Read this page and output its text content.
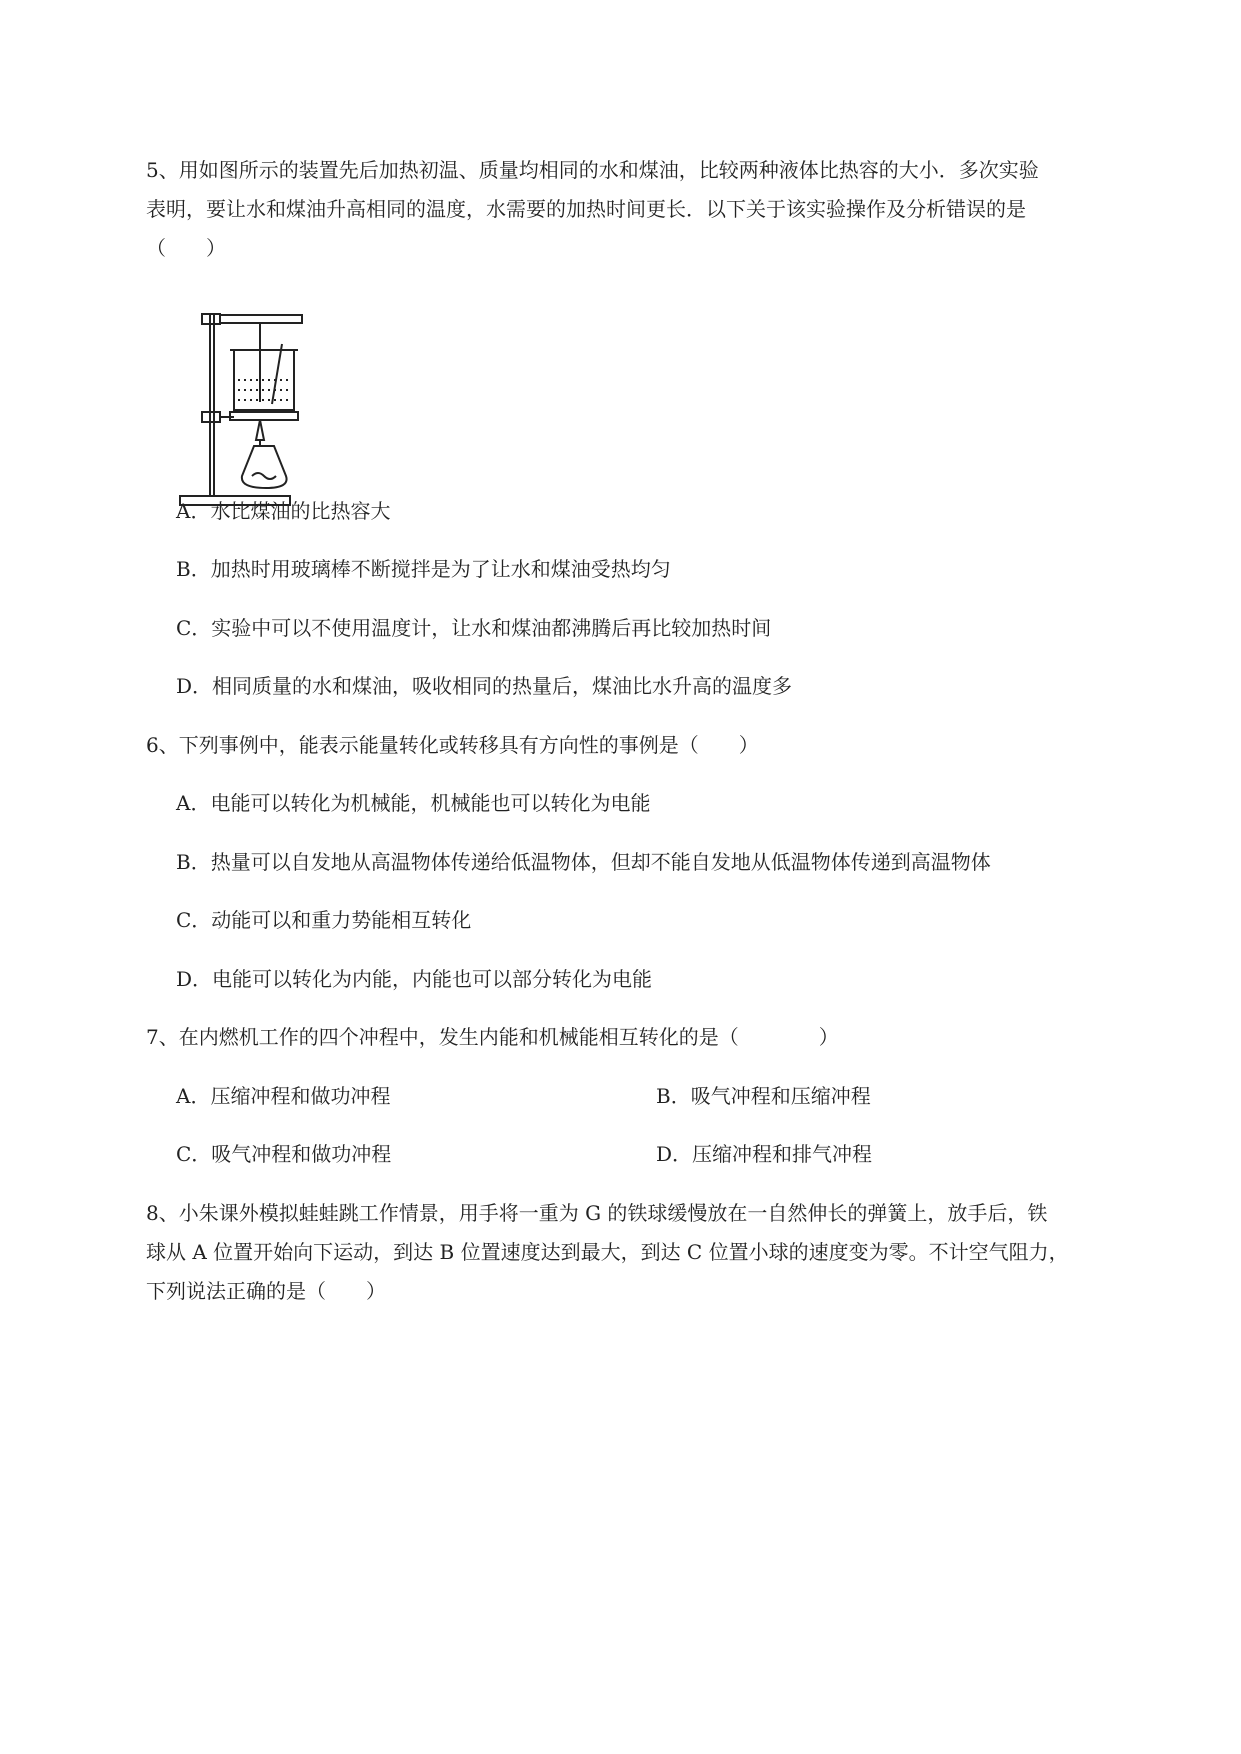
5、用如图所示的装置先后加热初温、质量均相同的水和煤油，比较两种液体比热容的大小．多次实验
表明，要让水和煤油升高相同的温度，水需要的加热时间更长．以下关于该实验操作及分析错误的是
（　　）
A．水比煤油的比热容大
B．加热时用玻璃棒不断搅拌是为了让水和煤油受热均匀
C．实验中可以不使用温度计，让水和煤油都沸腾后再比较加热时间
D．相同质量的水和煤油，吸收相同的热量后，煤油比水升高的温度多
6、下列事例中，能表示能量转化或转移具有方向性的事例是（　　）
A．电能可以转化为机械能，机械能也可以转化为电能
B．热量可以自发地从高温物体传递给低温物体，但却不能自发地从低温物体传递到高温物体
C．动能可以和重力势能相互转化
D．电能可以转化为内能，内能也可以部分转化为电能
7、在内燃机工作的四个冲程中，发生内能和机械能相互转化的是（　　　　）
A．压缩冲程和做功冲程	B．吸气冲程和压缩冲程
C．吸气冲程和做功冲程	D．压缩冲程和排气冲程
8、小朱课外模拟蛙蛙跳工作情景，用手将一重为 G 的铁球缓慢放在一自然伸长的弹簧上，放手后，铁
球从 A 位置开始向下运动，到达 B 位置速度达到最大，到达 C 位置小球的速度变为零。不计空气阻力，
下列说法正确的是（　　）
